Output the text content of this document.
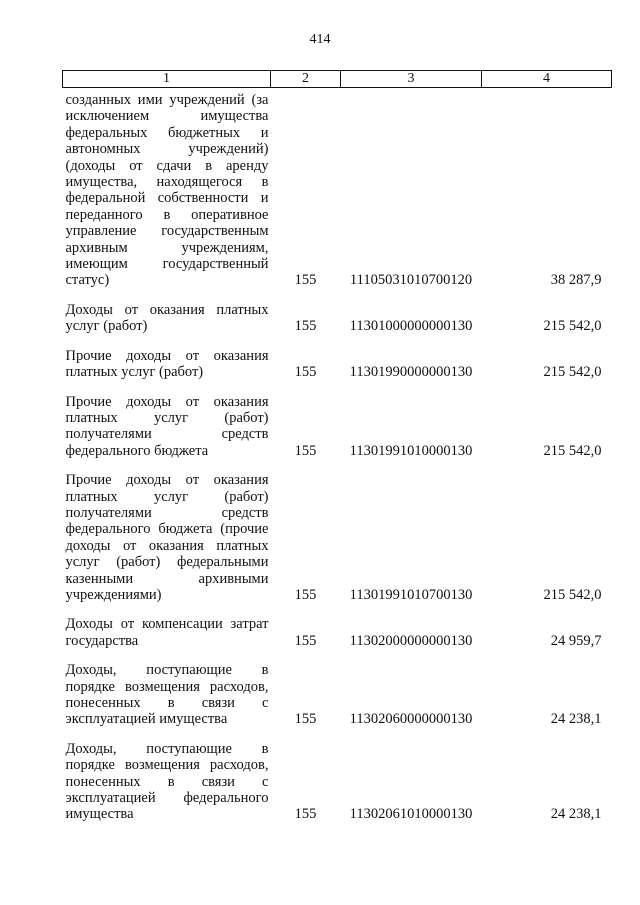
414
1	2	3	4
созданных ими учреждений (за исключением имущества федеральных бюджетных и автономных учреждений) (доходы от сдачи в аренду имущества, находящегося в федеральной собственности и переданного в оперативное управление государственным архивным учреждениям, имеющим государственный статус)	155	11105031010700120	38 287,9
Доходы от оказания платных услуг (работ)	155	11301000000000130	215 542,0
Прочие доходы от оказания платных услуг (работ)	155	11301990000000130	215 542,0
Прочие доходы от оказания платных услуг (работ) получателями средств федерального бюджета	155	11301991010000130	215 542,0
Прочие доходы от оказания платных услуг (работ) получателями средств федерального бюджета (прочие доходы от оказания платных услуг (работ) федеральными казенными архивными учреждениями)	155	11301991010700130	215 542,0
Доходы от компенсации затрат государства	155	11302000000000130	24 959,7
Доходы, поступающие в порядке возмещения расходов, понесенных в связи с эксплуатацией имущества	155	11302060000000130	24 238,1
Доходы, поступающие в порядке возмещения расходов, понесенных в связи с эксплуатацией федерального имущества	155	11302061010000130	24 238,1
